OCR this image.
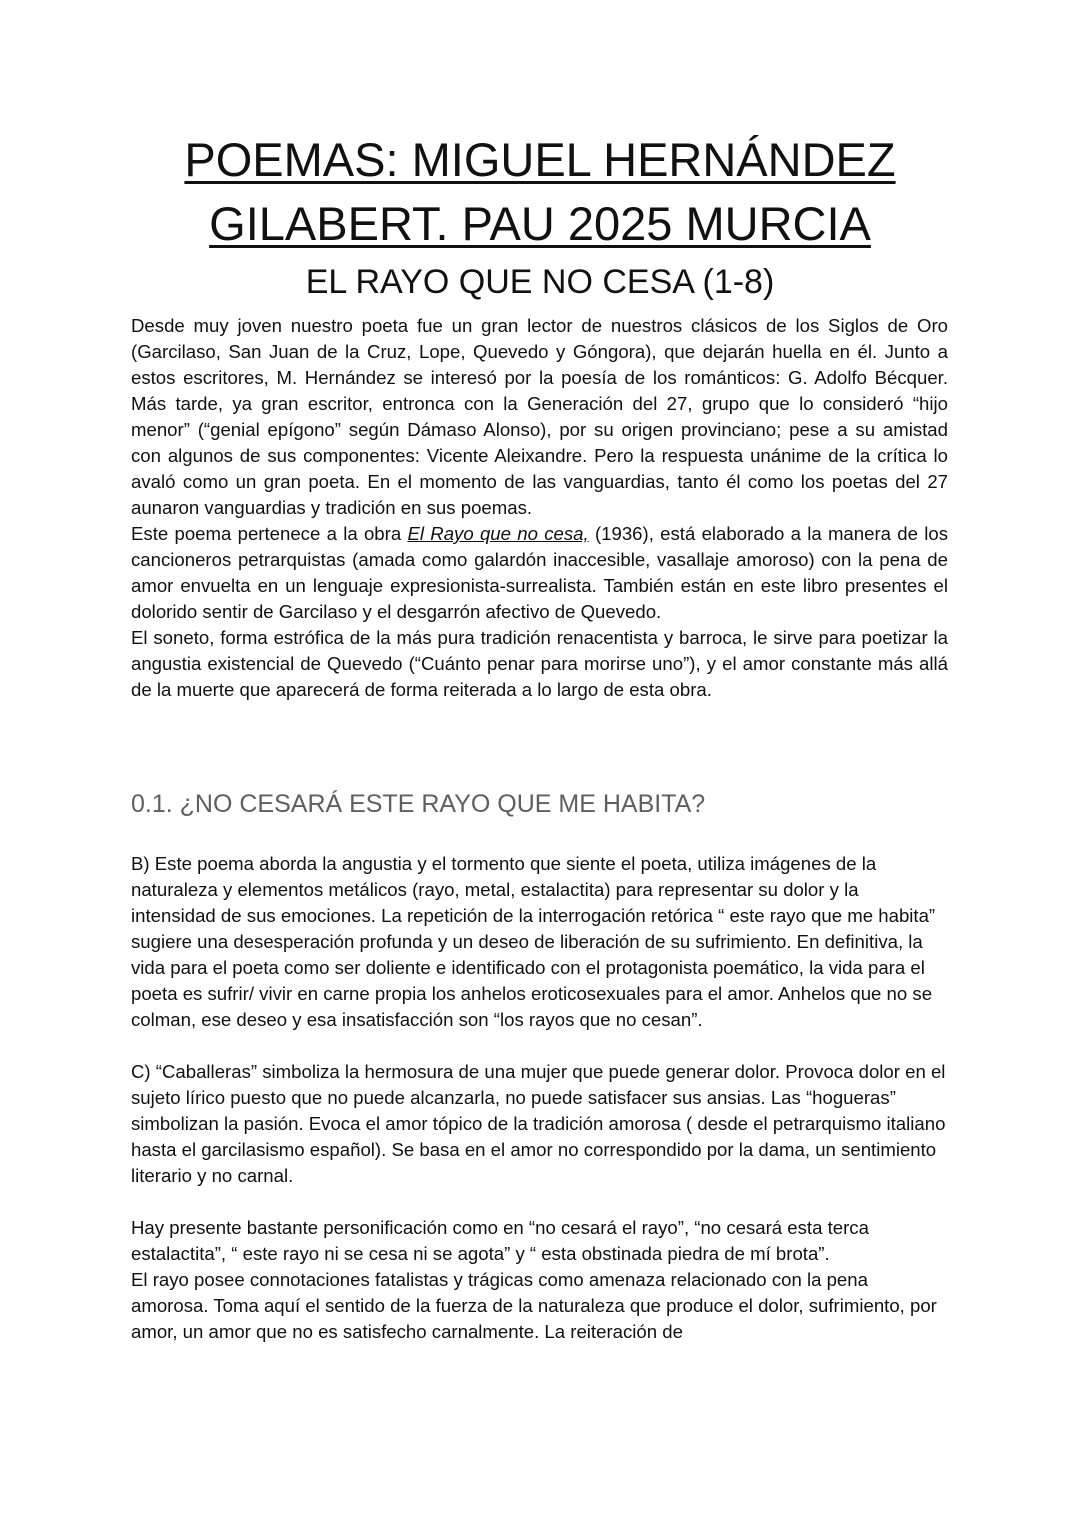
POEMAS: MIGUEL HERNÁNDEZ GILABERT. PAU 2025 MURCIA
EL RAYO QUE NO CESA (1-8)

Desde muy joven nuestro poeta fue un gran lector de nuestros clásicos de los Siglos de Oro (Garcilaso, San Juan de la Cruz, Lope, Quevedo y Góngora), que dejarán huella en él. Junto a estos escritores, M. Hernández se interesó por la poesía de los románticos: G. Adolfo Bécquer. Más tarde, ya gran escritor, entronca con la Generación del 27, grupo que lo consideró “hijo menor” (“genial epígono” según Dámaso Alonso), por su origen provinciano; pese a su amistad con algunos de sus componentes: Vicente Aleixandre. Pero la respuesta unánime de la crítica lo avaló como un gran poeta. En el momento de las vanguardias, tanto él como los poetas del 27 aunaron vanguardias y tradición en sus poemas.

Este poema pertenece a la obra El Rayo que no cesa, (1936), está elaborado a la manera de los cancioneros petrarquistas (amada como galardón inaccesible, vasallaje amoroso) con la pena de amor envuelta en un lenguaje expresionista-surrealista. También están en este libro presentes el dolorido sentir de Garcilaso y el desgarrón afectivo de Quevedo.

El soneto, forma estrófica de la más pura tradición renacentista y barroca, le sirve para poetizar la angustia existencial de Quevedo (“Cuánto penar para morirse uno”), y el amor constante más allá de la muerte que aparecerá de forma reiterada a lo largo de esta obra.

0.1. ¿NO CESARÁ ESTE RAYO QUE ME HABITA?

B) Este poema aborda la angustia y el tormento que siente el poeta, utiliza imágenes de la naturaleza y elementos metálicos (rayo, metal, estalactita) para representar su dolor y la intensidad de sus emociones. La repetición de la interrogación retórica “ este rayo que me habita” sugiere una desesperación profunda y un deseo de liberación de su sufrimiento. En definitiva, la vida para el poeta como ser doliente e identificado con el protagonista poemático, la vida para el poeta es sufrir/ vivir en carne propia los anhelos eroticosexuales para el amor. Anhelos que no se colman, ese deseo y esa insatisfacción son “los rayos que no cesan”.

C) “Caballeras” simboliza la hermosura de una mujer que puede generar dolor. Provoca dolor en el sujeto lírico puesto que no puede alcanzarla, no puede satisfacer sus ansias. Las “hogueras” simbolizan la pasión. Evoca el amor tópico de la tradición amorosa ( desde el petrarquismo italiano hasta el garcilasismo español). Se basa en el amor no correspondido por la dama, un sentimiento literario y no carnal.

Hay presente bastante personificación como en “no cesará el rayo”, “no cesará esta terca estalactita”, “ este rayo ni se cesa ni se agota” y “ esta obstinada piedra de mí brota”.

El rayo posee connotaciones fatalistas y trágicas como amenaza relacionado con la pena amorosa. Toma aquí el sentido de la fuerza de la naturaleza que produce el dolor, sufrimiento, por amor, un amor que no es satisfecho carnalmente. La reiteración de
